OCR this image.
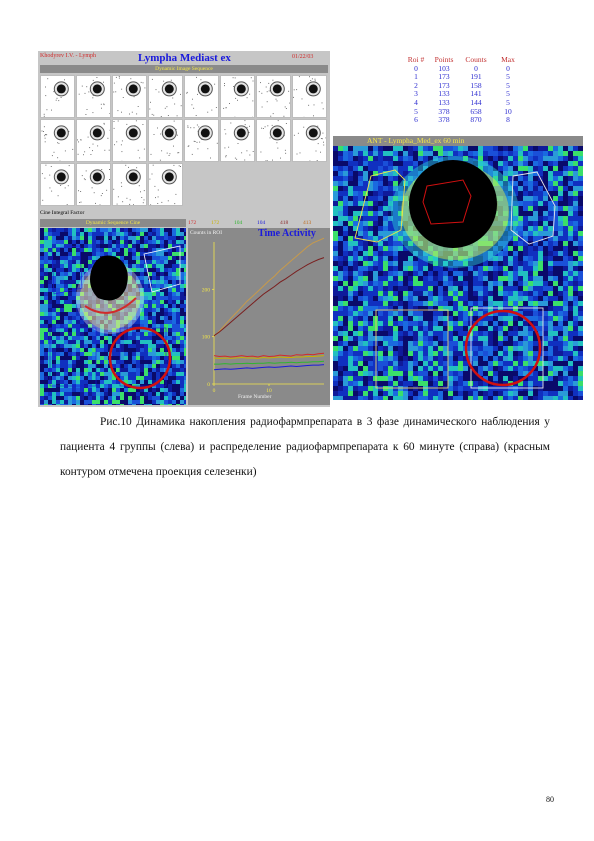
Khodyrev I.V. - Lymph	Lympha Mediast ex	01/22/03
Dynamic Image Sequence
Cine Integral Factor
Dynamic Sequence Cine	172	172	104	104	418	413
Counts in ROI	Time Activity
0
100
200
0	10
Frame Number
Roi #	Points	Counts	Max
0	103	0	0
1	173	191	5
2	173	158	5
3	133	141	5
4	133	144	5
5	378	658	10
6	378	870	8
ANT - Lympha_Med_ex 60 min

Рис.10 Динамика накопления радиофармпрепарата в 3 фазе динамического наблюдения у пациента 4 группы (слева) и распределение радиофармпрепарата к 60 минуте (справа) (красным контуром отмечена проекция селезенки)

80
